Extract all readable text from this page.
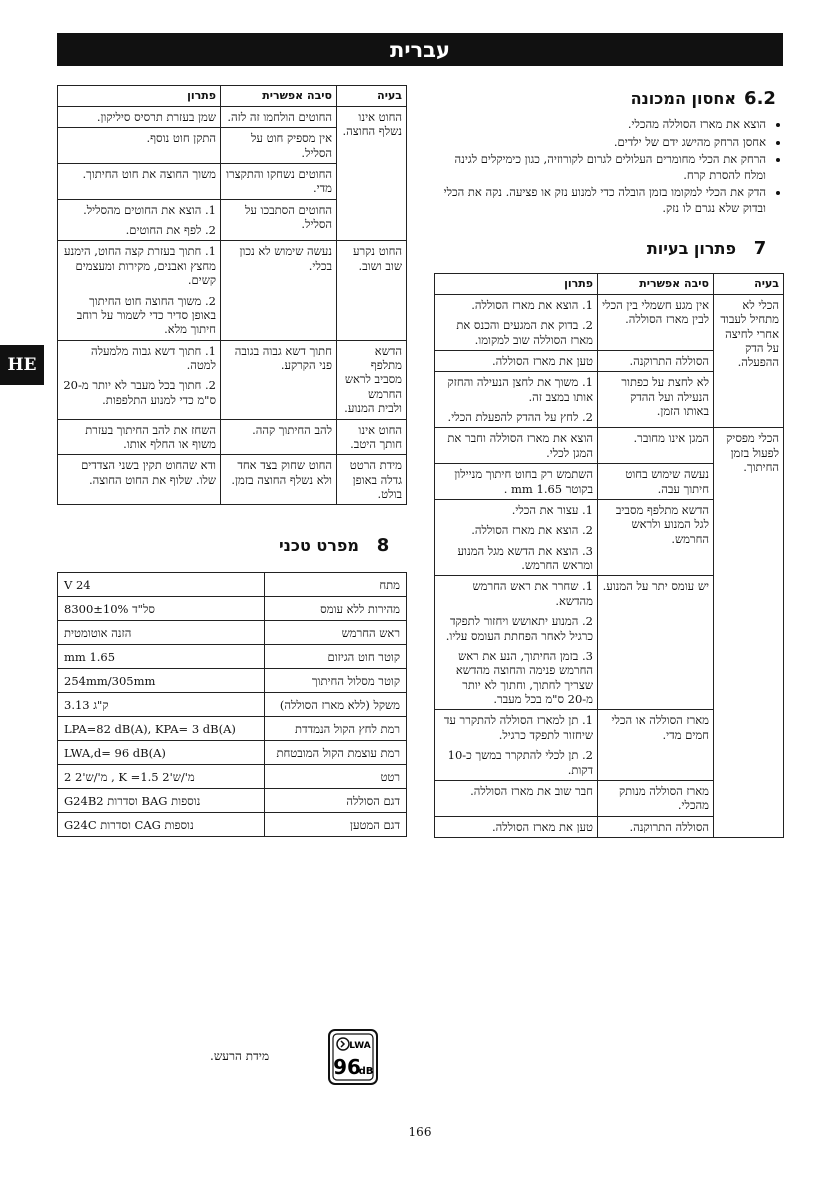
עברית
HE
6.2
אחסון המכונה
• הוצא את מארז הסוללה מהכלי.
• אחסן הרחק מהישג ידם של ילדים.
• הרחק את הכלי מחומרים העלולים לגרום לקורוזיה, כגון כימיקלים לגינה ומלח להסרת קרח.
• הדק את הכלי למקומו בזמן הובלה כדי למנוע נזק או פציעה. נקה את הכלי ובדוק שלא נגרם לו נזק.
7
פתרון בעיות
בעיה	סיבה אפשרית	פתרון
הכלי לא מתחיל לעבוד אחרי לחיצה על הדק ההפעלה.	אין מגע חשמלי בין הכלי לבין מארז הסוללה.	1. הוצא את מארז הסוללה.

2. בדוק את המגעים והכנס את מארז הסוללה שוב למקומו.

	הסוללה התרוקנה.	טען את מארז הסוללה.

	לא לחצת על כפתור הנעילה ועל ההדק באותו הזמן.	1. משוך את לחצן הנעילה והחזק אותו במצב זה.

2. לחץ על ההדק להפעלת הכלי.

הכלי מפסיק לפעול בזמן החיתוך.	המגן אינו מחובר.	הוצא את מארז הסוללה וחבר את המגן לכלי.

	נעשה שימוש בחוט חיתוך עבה.	השתמש רק בחוט חיתוך מניילון בקוטר 1.65 mm .

	הדשא מתלפף מסביב לגל המנוע ולראש החרמש.	1. עצור את הכלי.

2. הוצא את מארז הסוללה.

3. הוצא את הדשא מגל המנוע ומראש החרמש.

	יש עומס יתר על המנוע.	1. שחרר את ראש החרמש מהדשא.

2. המנוע יתאושש ויחזור לתפקד כרגיל לאחר הפחתת העומס עליו.

3. בזמן החיתוך, הנע את ראש החרמש פנימה והחוצה מהדשא שצריך לחתוך, וחתוך לא יותר מ-20 ס"מ בכל מעבר.

	מארז הסוללה או הכלי חמים מדי.	1. תן למארז הסוללה להתקרר עד שיחזור לתפקד כרגיל.

2. תן לכלי להתקרר במשך כ-10 דקות.

	מארז הסוללה מנותק מהכלי.	חבר שוב את מארז הסוללה.

	הסוללה התרוקנה.	טען את מארז הסוללה.

בעיה	סיבה אפשרית	פתרון
החוט אינו נשלף החוצה.	החוטים הולחמו זה לזה.	שמן בעזרת תרסיס סיליקון.

	אין מספיק חוט על הסליל.	התקן חוט נוסף.

	החוטים נשחקו והתקצרו מדי.	משוך החוצה את חוט החיתוך.

	החוטים הסתבכו על הסליל.	1. הוצא את החוטים מהסליל.

2. לפף את החוטים.

החוט נקרע שוב ושוב.	נעשה שימוש לא נכון בכלי.	1. חתוך בעזרת קצה החוט, הימנע מחצץ ואבנים, מקירות ומעצמים קשים.

2. משוך החוצה חוט החיתוך באופן סדיר כדי לשמור על רוחב חיתוך מלא.

הדשא מתלפף מסביב לראש החרמש ולבית המנוע.	חתוך דשא גבוה בגובה פני הקרקע.	1. חתוך דשא גבוה מלמעלה למטה.

2. חתוך בכל מעבר לא יותר מ-20 ס"מ כדי למנוע התלפפות.

החוט אינו חותך היטב.	להב החיתוך קהה.	השחז את להב החיתוך בעזרת משוף או החלף אותו.

מידת הרטט גדלה באופן בולט.	החוט שחוק בצד אחד ולא נשלף החוצה בזמן.	ודא שהחוט תקין בשני הצדדים שלו. שלוף את החוט החוצה.

8
מפרט טכני
מתח	V 24
מהירות ללא עומס	8300±10% סל"ד
ראש החרמש	הזנה אוטומטית
קוטר חוט הגיזום	mm 1.65
קוטר מסלול החיתוך	254mm/305mm
משקל (ללא מארז הסוללה)	3.13 ק"ג
רמת לחץ הקול הנמדדת	LPA=82 dB(A), KPA= 3 dB(A)
רמת עוצמת הקול המובטחת	LWA,d= 96 dB(A)
רטט	2 מ'/ש'2 , K =1.5 מ'/ש'2
דגם הסוללה	G24B2 וסדרות BAG נוספות
דגם המטען	G24C וסדרות CAG נוספות
מידת הרעש.
LWA
96
dB
166
